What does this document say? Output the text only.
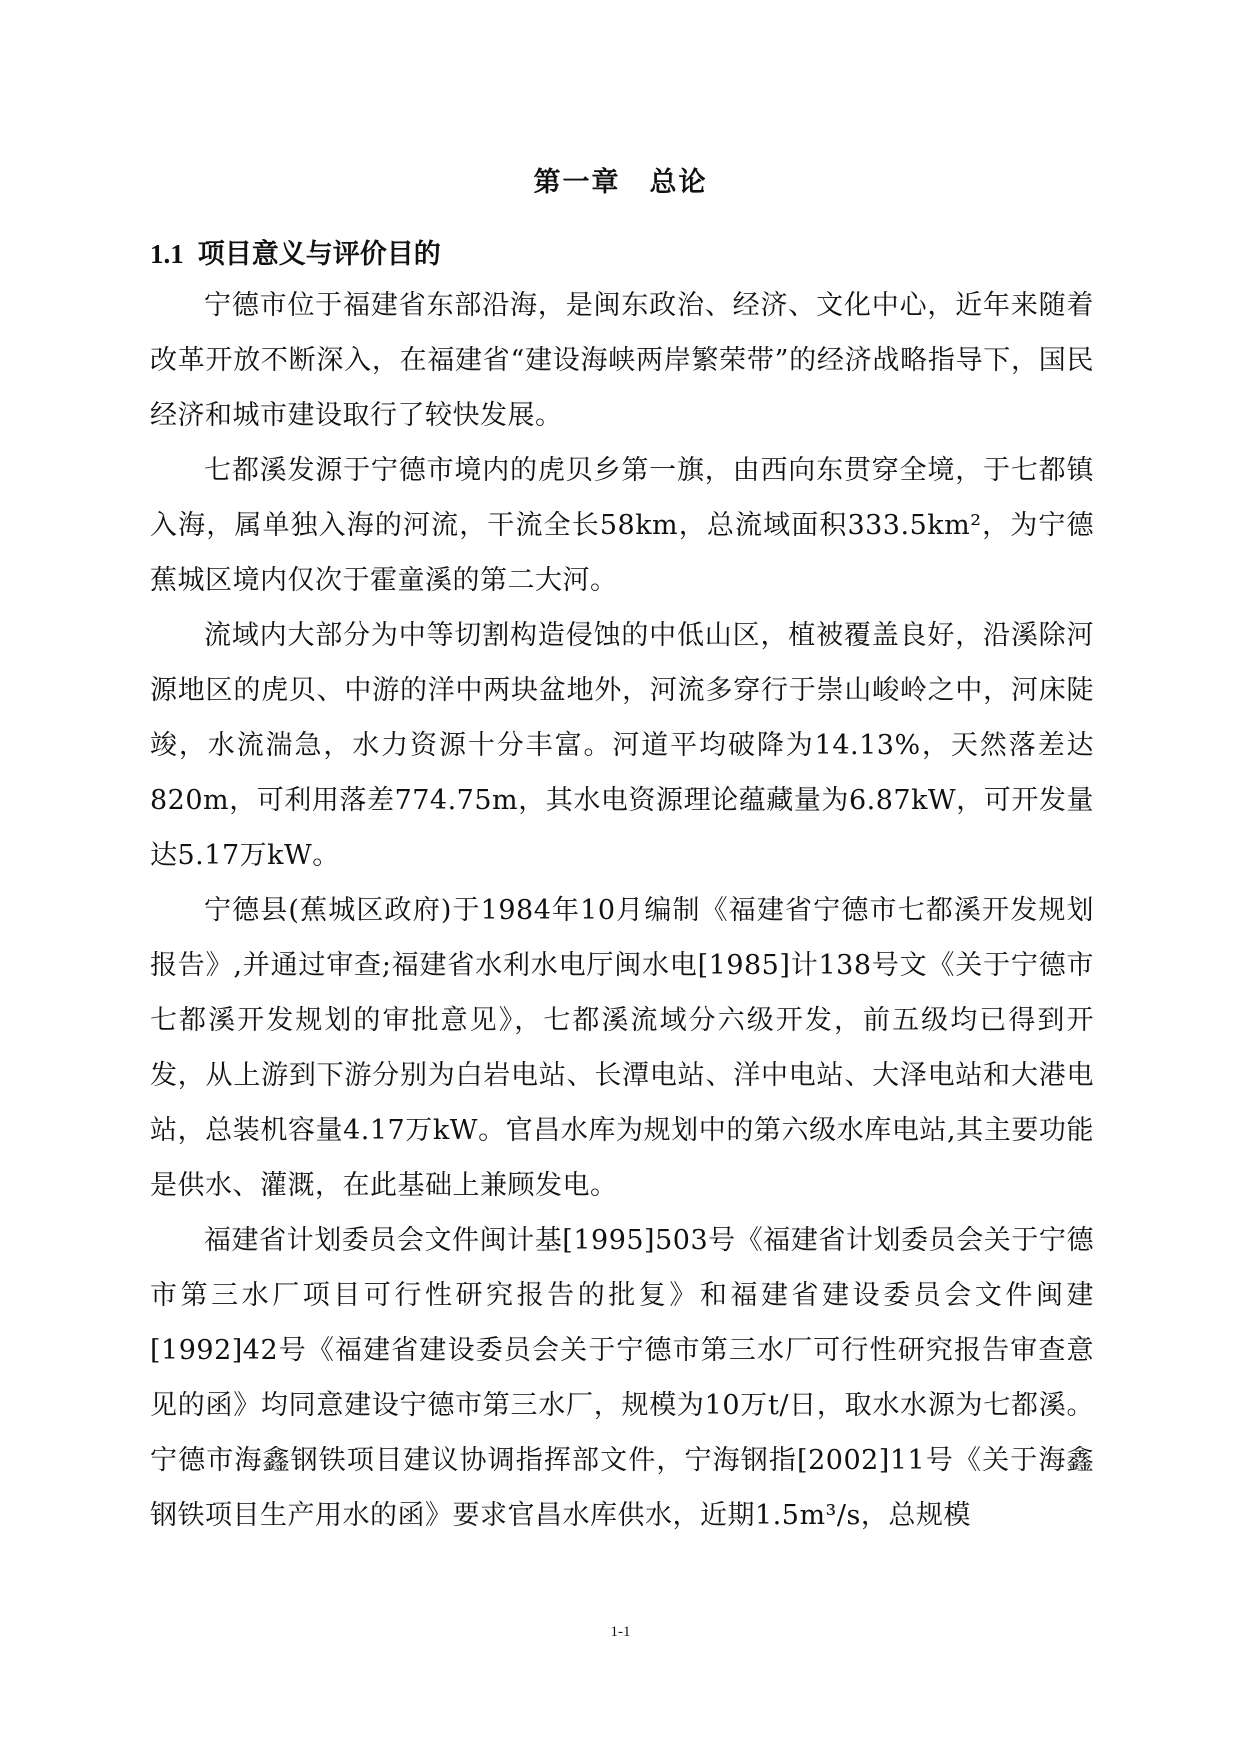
第一章　总论
1.1 项目意义与评价目的

宁德市位于福建省东部沿海，是闽东政治、经济、文化中心，近年来随着改革开放不断深入，在福建省“建设海峡两岸繁荣带”的经济战略指导下，国民经济和城市建设取行了较快发展。

七都溪发源于宁德市境内的虎贝乡第一旗，由西向东贯穿全境，于七都镇入海，属单独入海的河流，干流全长58km，总流域面积333.5km²，为宁德蕉城区境内仅次于霍童溪的第二大河。

流域内大部分为中等切割构造侵蚀的中低山区，植被覆盖良好，沿溪除河源地区的虎贝、中游的洋中两块盆地外，河流多穿行于崇山峻岭之中，河床陡竣，水流湍急，水力资源十分丰富。河道平均破降为14.13%，天然落差达820m，可利用落差774.75m，其水电资源理论蕴藏量为6.87kW，可开发量达5.17万kW。

宁德县(蕉城区政府)于1984年10月编制《福建省宁德市七都溪开发规划报告》,并通过审查;福建省水利水电厅闽水电[1985]计138号文《关于宁德市七都溪开发规划的审批意见》，七都溪流域分六级开发，前五级均已得到开发，从上游到下游分别为白岩电站、长潭电站、洋中电站、大泽电站和大港电站，总装机容量4.17万kW。官昌水库为规划中的第六级水库电站,其主要功能是供水、灌溉，在此基础上兼顾发电。

福建省计划委员会文件闽计基[1995]503号《福建省计划委员会关于宁德市第三水厂项目可行性研究报告的批复》和福建省建设委员会文件闽建[1992]42号《福建省建设委员会关于宁德市第三水厂可行性研究报告审查意见的函》均同意建设宁德市第三水厂，规模为10万t/日，取水水源为七都溪。宁德市海鑫钢铁项目建议协调指挥部文件，宁海钢指[2002]11号《关于海鑫钢铁项目生产用水的函》要求官昌水库供水，近期1.5m³/s，总规模

1-1
